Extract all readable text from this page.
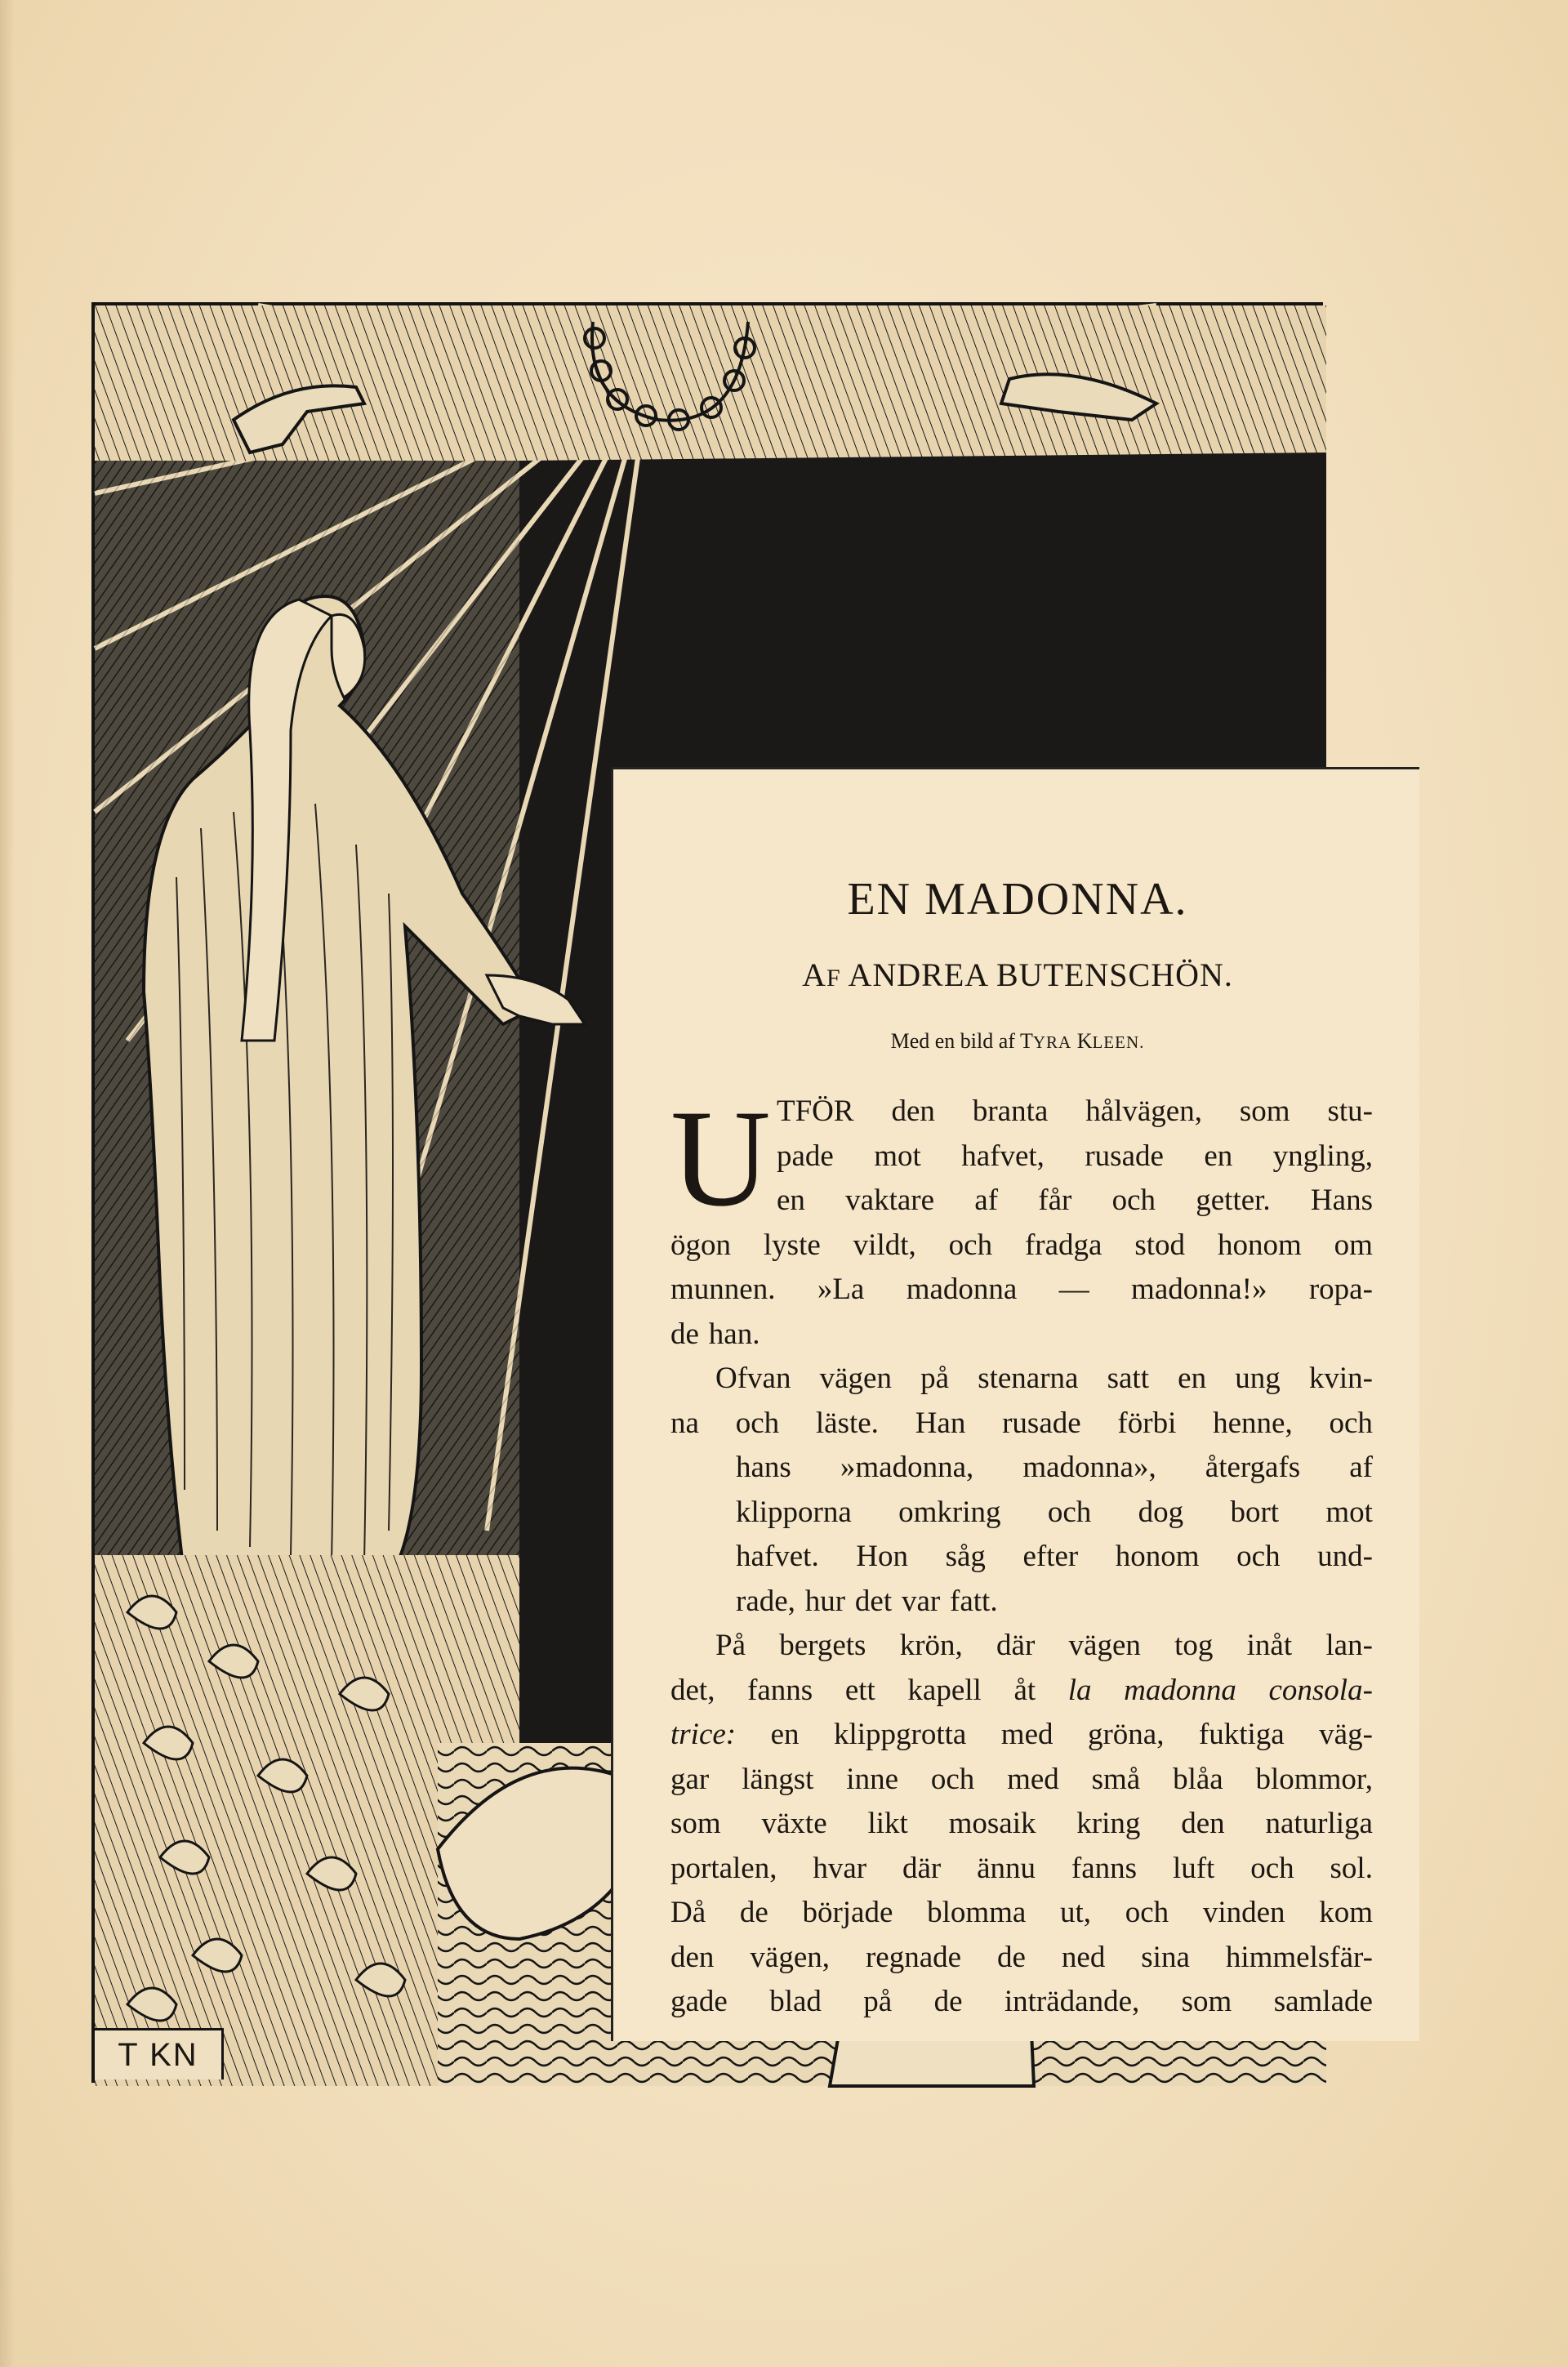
EN MADONNA.
AF ANDREA BUTENSCHÖN.
Med en bild af TYRA KLEEN.
U TFÖR den branta hålvägen, som stu-
pade mot hafvet, rusade en yngling,
en vaktare af får och getter. Hans
ögon lyste vildt, och fradga stod honom om
munnen. »La madonna — madonna!» ropa-
de han.
Ofvan vägen på stenarna satt en ung kvin-
na och läste. Han rusade förbi henne, och
hans »madonna, madonna», återgafs af
klipporna omkring och dog bort mot
hafvet. Hon såg efter honom och und-
rade, hur det var fatt.
På bergets krön, där vägen tog inåt lan-
det, fanns ett kapell åt la madonna consola-
trice: en klippgrotta med gröna, fuktiga väg-
gar längst inne och med små blåa blommor,
som växte likt mosaik kring den naturliga
portalen, hvar där ännu fanns luft och sol.
Då de började blomma ut, och vinden kom
den vägen, regnade de ned sina himmelsfär-
gade blad på de inträdande, som samlade
T KN
